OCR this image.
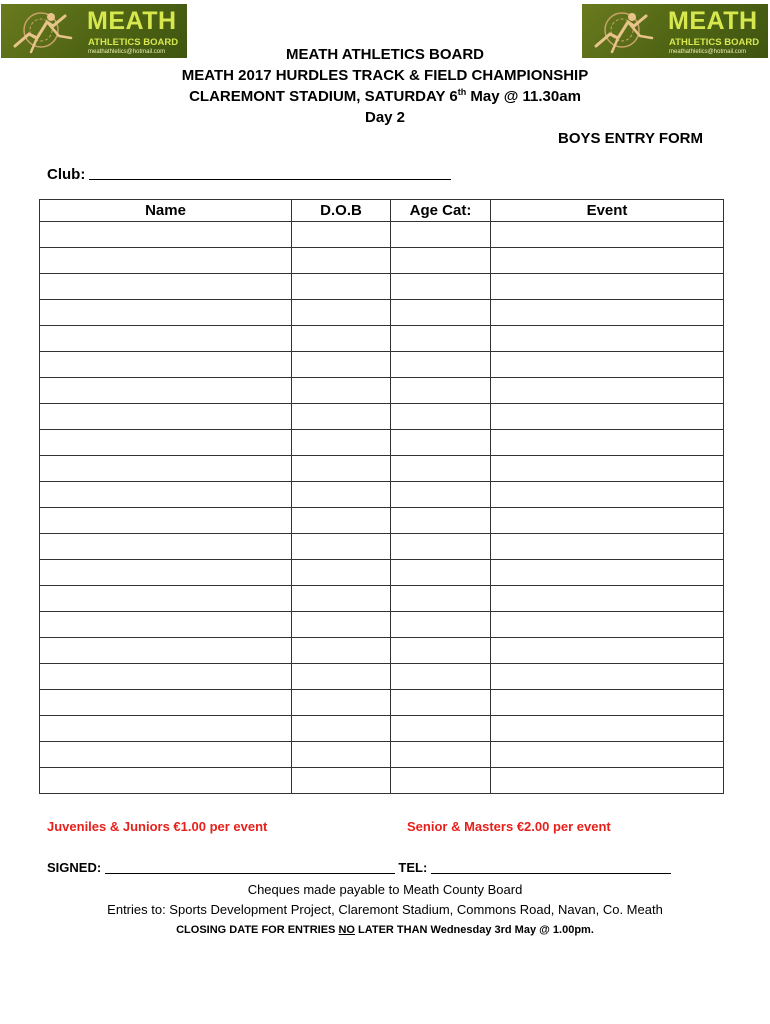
MEATH
ATHLETICS BOARD
meathathletics@hotmail.com
MEATH
ATHLETICS BOARD
meathathletics@hotmail.com
MEATH ATHLETICS BOARD
MEATH 2017 HURDLES TRACK & FIELD CHAMPIONSHIP
CLAREMONT STADIUM, SATURDAY 6th May @ 11.30am
Day 2
BOYS ENTRY FORM
Club:
Name	D.O.B	Age Cat:	Event

Juveniles & Juniors €1.00 per event	Senior & Masters €2.00 per event
SIGNED:	TEL:
Cheques made payable to Meath County Board
Entries to: Sports Development Project, Claremont Stadium, Commons Road, Navan, Co. Meath
CLOSING DATE FOR ENTRIES NO LATER THAN Wednesday 3rd May @ 1.00pm.
